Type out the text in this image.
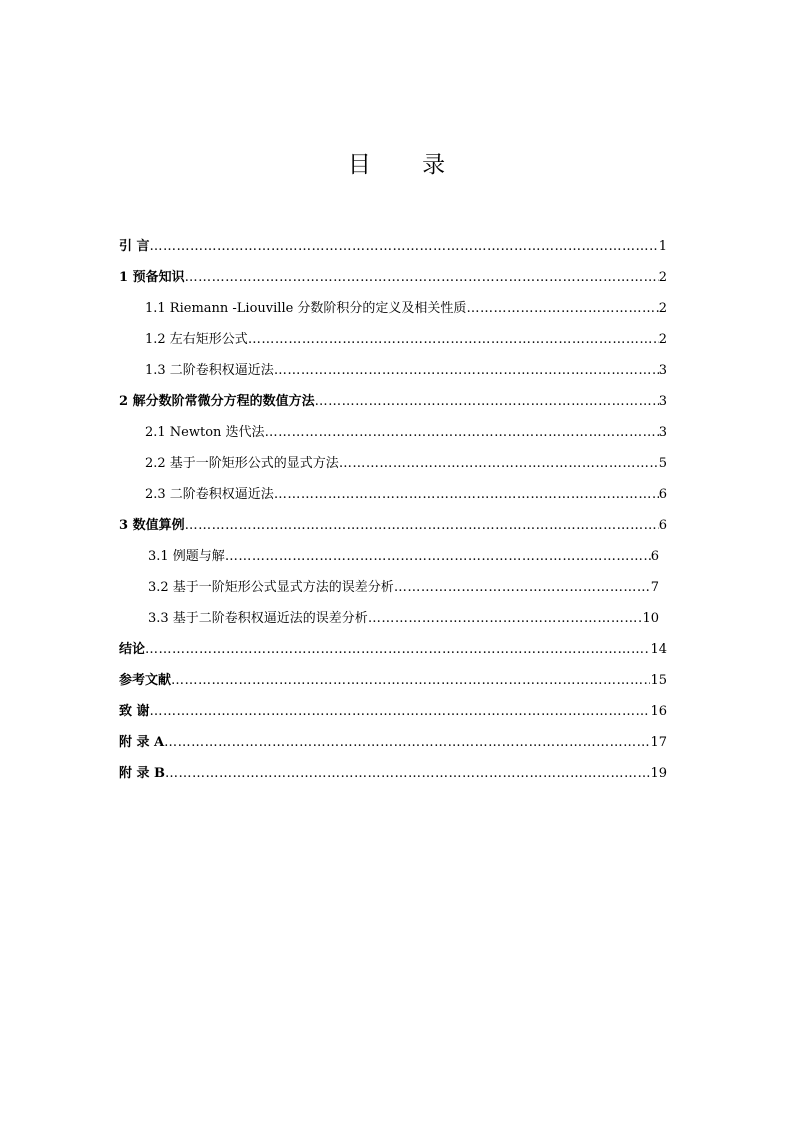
目 录
引 言 …………………………………………………………………………………………………………………………………………………………………………………………………………………………………………………………	1
1 预备知识 …………………………………………………………………………………………………………………………………………………………………………………………………………………………………………………………	2
1.1 Riemann -Liouville 分数阶积分的定义及相关性质 …………………………………………………………………………………………………………………………………………………………………………………………………………………………………………………………	2
1.2 左右矩形公式 …………………………………………………………………………………………………………………………………………………………………………………………………………………………………………………………	2
1.3 二阶卷积权逼近法 …………………………………………………………………………………………………………………………………………………………………………………………………………………………………………………………	3
2 解分数阶常微分方程的数值方法 …………………………………………………………………………………………………………………………………………………………………………………………………………………………………………………………	3
2.1 Newton 迭代法 …………………………………………………………………………………………………………………………………………………………………………………………………………………………………………………………	3
2.2 基于一阶矩形公式的显式方法 …………………………………………………………………………………………………………………………………………………………………………………………………………………………………………………………	5
2.3 二阶卷积权逼近法 …………………………………………………………………………………………………………………………………………………………………………………………………………………………………………………………	6
3 数值算例 …………………………………………………………………………………………………………………………………………………………………………………………………………………………………………………………	6
3.1 例题与解 …………………………………………………………………………………………………………………………………………………………………………………………………………………………………………………………	6
3.2 基于一阶矩形公式显式方法的误差分析 …………………………………………………………………………………………………………………………………………………………………………………………………………………………………………………………	7
3.3 基于二阶卷积权逼近法的误差分析 …………………………………………………………………………………………………………………………………………………………………………………………………………………………………………………………	10
结论 …………………………………………………………………………………………………………………………………………………………………………………………………………………………………………………………	14
参考文献 …………………………………………………………………………………………………………………………………………………………………………………………………………………………………………………………	15
致 谢 …………………………………………………………………………………………………………………………………………………………………………………………………………………………………………………………	16
附 录 A …………………………………………………………………………………………………………………………………………………………………………………………………………………………………………………………	17
附 录 B …………………………………………………………………………………………………………………………………………………………………………………………………………………………………………………………	19
